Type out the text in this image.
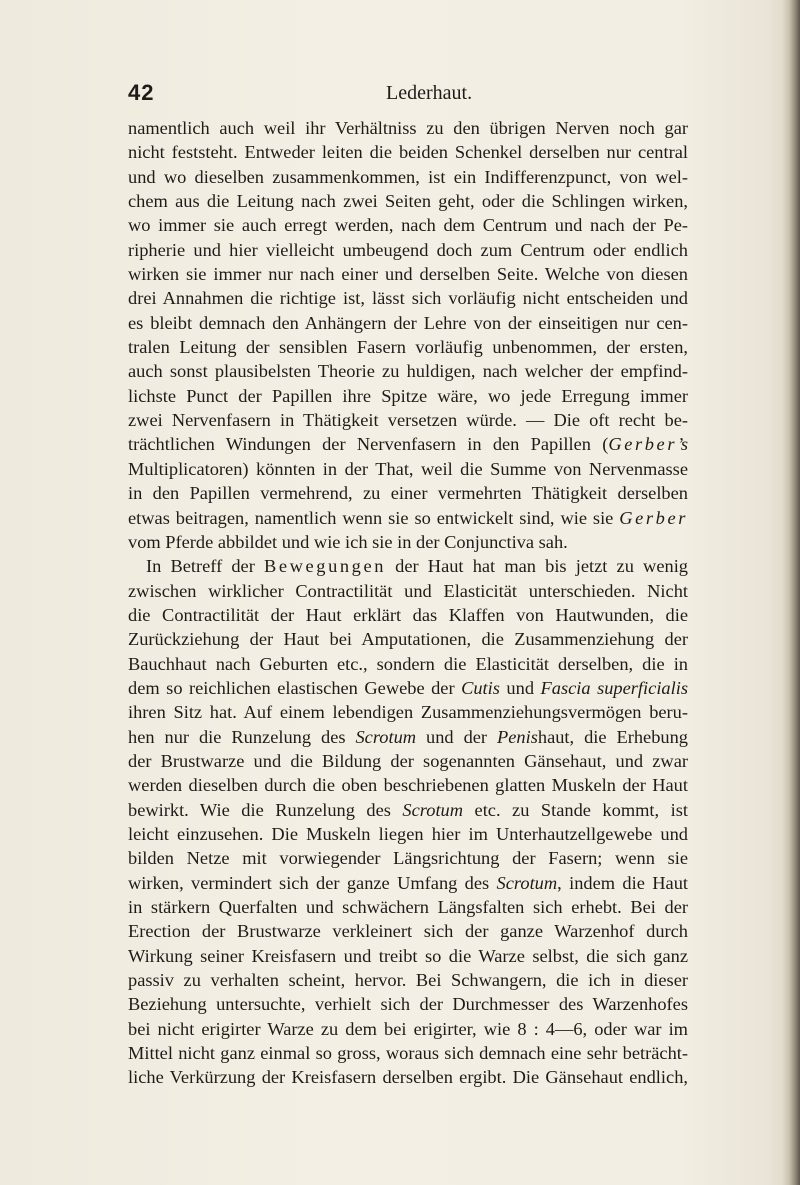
42	Lederhaut.
namentlich auch weil ihr Verhältniss zu den übrigen Nerven noch gar
nicht feststeht. Entweder leiten die beiden Schenkel derselben nur central
und wo dieselben zusammenkommen, ist ein Indifferenzpunct, von wel-
chem aus die Leitung nach zwei Seiten geht, oder die Schlingen wirken,
wo immer sie auch erregt werden, nach dem Centrum und nach der Pe-
ripherie und hier vielleicht umbeugend doch zum Centrum oder endlich
wirken sie immer nur nach einer und derselben Seite. Welche von diesen
drei Annahmen die richtige ist, lässt sich vorläufig nicht entscheiden und
es bleibt demnach den Anhängern der Lehre von der einseitigen nur cen-
tralen Leitung der sensiblen Fasern vorläufig unbenommen, der ersten,
auch sonst plausibelsten Theorie zu huldigen, nach welcher der empfind-
lichste Punct der Papillen ihre Spitze wäre, wo jede Erregung immer
zwei Nervenfasern in Thätigkeit versetzen würde. — Die oft recht be-
trächtlichen Windungen der Nervenfasern in den Papillen (Gerber’s
Multiplicatoren) könnten in der That, weil die Summe von Nervenmasse
in den Papillen vermehrend, zu einer vermehrten Thätigkeit derselben
etwas beitragen, namentlich wenn sie so entwickelt sind, wie sie Gerber
vom Pferde abbildet und wie ich sie in der Conjunctiva sah.
In Betreff der Bewegungen der Haut hat man bis jetzt zu wenig
zwischen wirklicher Contractilität und Elasticität unterschieden. Nicht
die Contractilität der Haut erklärt das Klaffen von Hautwunden, die
Zurückziehung der Haut bei Amputationen, die Zusammenziehung der
Bauchhaut nach Geburten etc., sondern die Elasticität derselben, die in
dem so reichlichen elastischen Gewebe der Cutis und Fascia superficialis
ihren Sitz hat. Auf einem lebendigen Zusammenziehungsvermögen beru-
hen nur die Runzelung des Scrotum und der Penishaut, die Erhebung
der Brustwarze und die Bildung der sogenannten Gänsehaut, und zwar
werden dieselben durch die oben beschriebenen glatten Muskeln der Haut
bewirkt. Wie die Runzelung des Scrotum etc. zu Stande kommt, ist
leicht einzusehen. Die Muskeln liegen hier im Unterhautzellgewebe und
bilden Netze mit vorwiegender Längsrichtung der Fasern; wenn sie
wirken, vermindert sich der ganze Umfang des Scrotum, indem die Haut
in stärkern Querfalten und schwächern Längsfalten sich erhebt. Bei der
Erection der Brustwarze verkleinert sich der ganze Warzenhof durch
Wirkung seiner Kreisfasern und treibt so die Warze selbst, die sich ganz
passiv zu verhalten scheint, hervor. Bei Schwangern, die ich in dieser
Beziehung untersuchte, verhielt sich der Durchmesser des Warzenhofes
bei nicht erigirter Warze zu dem bei erigirter, wie 8 : 4—6, oder war im
Mittel nicht ganz einmal so gross, woraus sich demnach eine sehr beträcht-
liche Verkürzung der Kreisfasern derselben ergibt. Die Gänsehaut endlich,
